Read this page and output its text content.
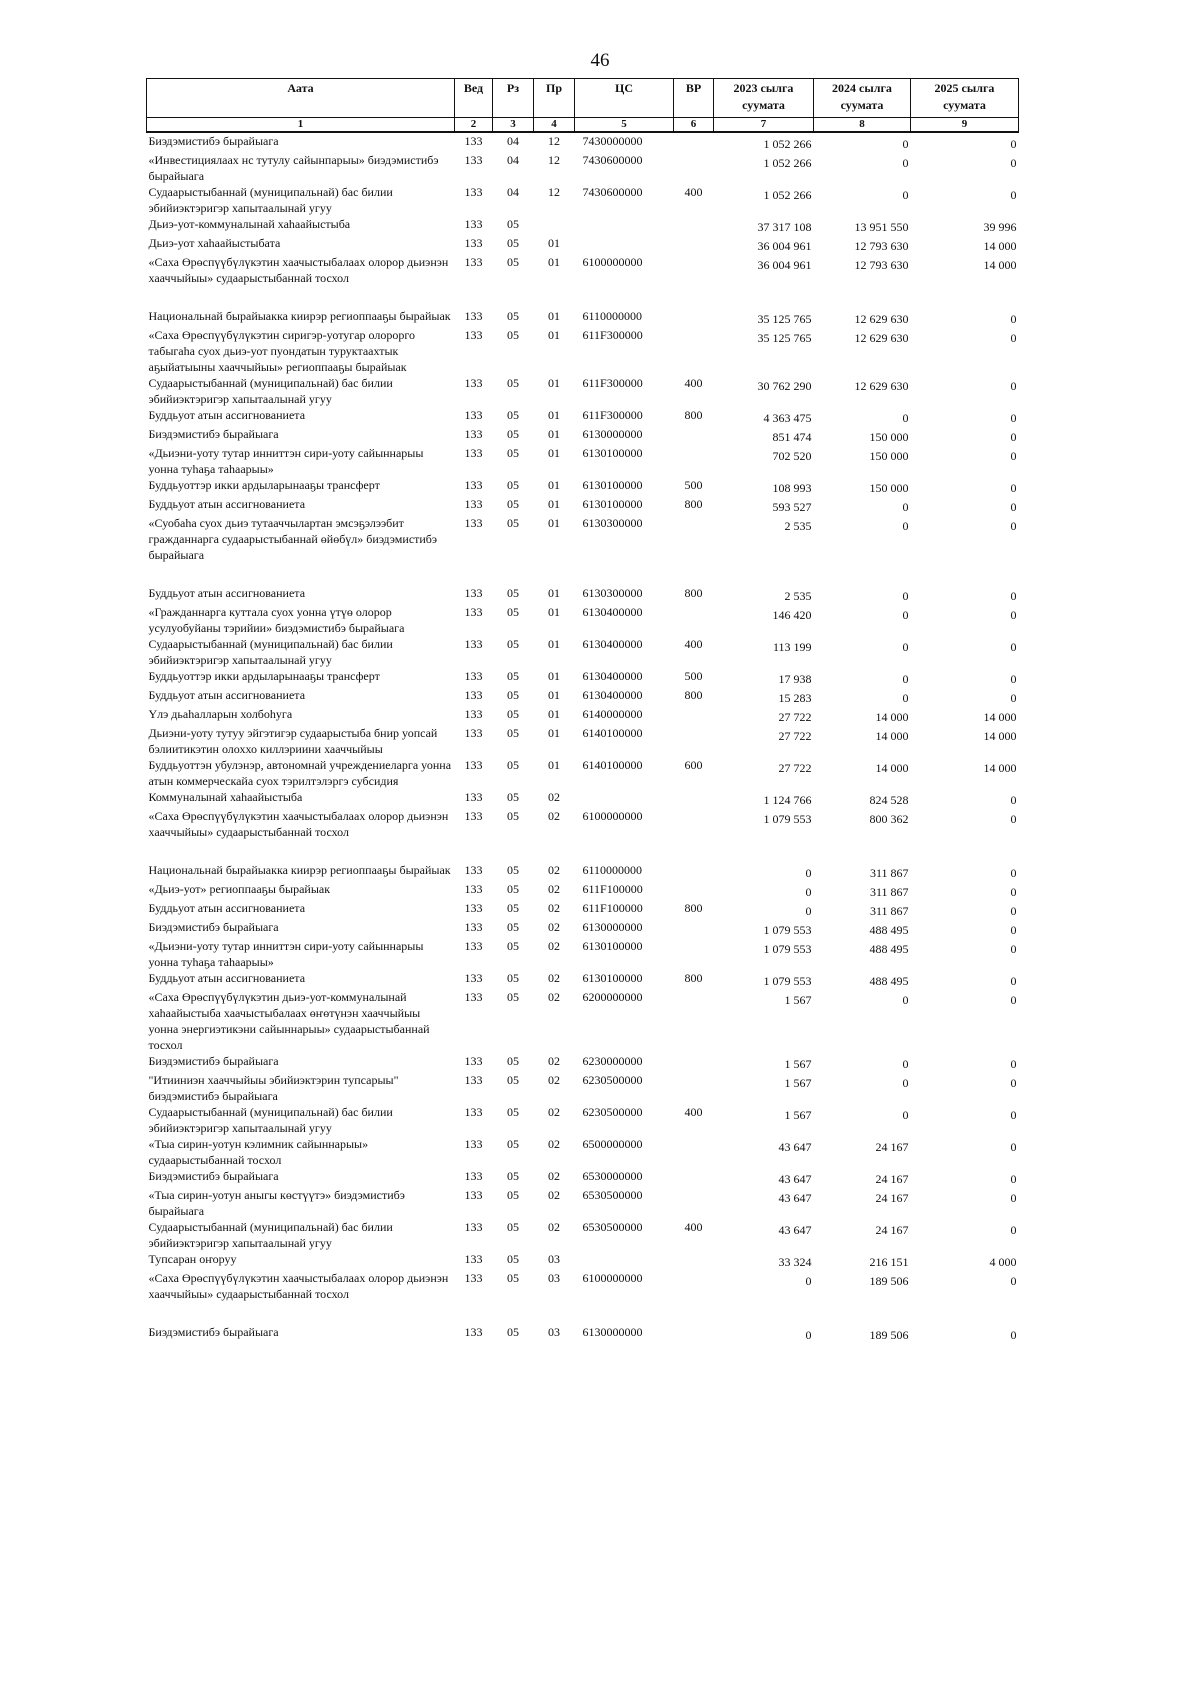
46
Аата	Вед	Рз	Пр	ЦС	ВР	2023 сылга суумата	2024 сылга суумата	2025 сылга суумата
1	2	3	4	5	6	7	8	9
Биэдэмистибэ бырайыага	133	04	12	7430000000		1 052 266	0	0
«Инвестициялаах нс тутулу сайынпарыы» биэдэмистибэ бырайыага	133	04	12	7430600000		1 052 266	0	0
Судаарыстыбаннай (муниципальнай) бас билии эбийиэктэригэр хапытаалынай угуу	133	04	12	7430600000	400	1 052 266	0	0
Дьиэ-уот-коммуналынай хаhаайыстыба	133	05				37 317 108	13 951 550	39 996
Дьиэ-уот хаhаайыстыбата	133	05	01			36 004 961	12 793 630	14 000
«Саха Өрөспүүбүлүкэтин хаачыстыбалаах олорор дьиэнэн хааччыйыы» судаарыстыбаннай тосхол	133	05	01	6100000000		36 004 961	12 793 630	14 000
Национальнай бырайыакка киирэр региоппааҕы бырайыак	133	05	01	6110000000		35 125 765	12 629 630	0
«Саха Өрөспүүбүлүкэтин сиригэр-уотугар олорорго табыгаһа суох дьиэ-уот пуондатын туруктаахтык аҕыйатыыны хааччыйыы» региоппааҕы бырайыак	133	05	01	611F300000		35 125 765	12 629 630	0
Судаарыстыбаннай (муниципальнай) бас билии эбийиэктэригэр хапытаалынай угуу	133	05	01	611F300000	400	30 762 290	12 629 630	0
Буддьуот атын ассигнованиета	133	05	01	611F300000	800	4 363 475	0	0
Биэдэмистибэ бырайыага	133	05	01	6130000000		851 474	150 000	0
«Дьиэни-уоту тутар инниттэн сири-уоту сайыннарыы уонна туhаҕа таhаарыы»	133	05	01	6130100000		702 520	150 000	0
Буддьуоттэр икки ардыларынааҕы трансферт	133	05	01	6130100000	500	108 993	150 000	0
Буддьуот атын ассигнованиета	133	05	01	6130100000	800	593 527	0	0
«Суобаhа суох дьиэ тутааччылартан эмсэҕэлээбит гражданнарга судаарыстыбаннай өйөбүл» биэдэмистибэ бырайыага	133	05	01	6130300000		2 535	0	0
Буддьуот атын ассигнованиета	133	05	01	6130300000	800	2 535	0	0
«Гражданнарга куттала суох уонна үтүө олорор усулуобуйаны тэрийии» биэдэмистибэ бырайыага	133	05	01	6130400000		146 420	0	0
Судаарыстыбаннай (муниципальнай) бас билии эбийиэктэригэр хапытаалынай угуу	133	05	01	6130400000	400	113 199	0	0
Буддьуоттэр икки ардыларынааҕы трансферт	133	05	01	6130400000	500	17 938	0	0
Буддьуот атын ассигнованиета	133	05	01	6130400000	800	15 283	0	0
Үлэ дьаhалларын холбоhуга	133	05	01	6140000000		27 722	14 000	14 000
Дьиэни-уоту тутуу эйгэтигэр судаарыстыба бнир уопсай бэлиитикэтин олоххо киллэриини хааччыйыы	133	05	01	6140100000		27 722	14 000	14 000
Буддьуоттэн убулэнэр, автономнай учреждениеларга уонна атын коммерческайа суох тэрилтэлэргэ субсидия	133	05	01	6140100000	600	27 722	14 000	14 000
Коммуналынай хаhаайыстыба	133	05	02			1 124 766	824 528	0
«Саха Өрөспүүбүлүкэтин хаачыстыбалаах олорор дьиэнэн хааччыйыы» судаарыстыбаннай тосхол	133	05	02	6100000000		1 079 553	800 362	0
Национальнай бырайыакка киирэр региоппааҕы бырайыак	133	05	02	6110000000		0	311 867	0
«Дьиэ-уот» региоппааҕы бырайыак	133	05	02	611F100000		0	311 867	0
Буддьуот атын ассигнованиета	133	05	02	611F100000	800	0	311 867	0
Биэдэмистибэ бырайыага	133	05	02	6130000000		1 079 553	488 495	0
«Дьиэни-уоту тутар инниттэн сири-уоту сайыннарыы уонна туhаҕа таhаарыы»	133	05	02	6130100000		1 079 553	488 495	0
Буддьуот атын ассигнованиета	133	05	02	6130100000	800	1 079 553	488 495	0
«Саха Өрөспүүбүлүкэтин дьиэ-уот-коммуналынай хаhаайыстыба хаачыстыбалаах өҥөтүнэн хааччыйыы уонна энергиэтикэни сайыннарыы» судаарыстыбаннай тосхол	133	05	02	6200000000		1 567	0	0
Биэдэмистибэ бырайыага	133	05	02	6230000000		1 567	0	0
"Итииниэн хааччыйыы эбийиэктэрин тупсарыы" биэдэмистибэ бырайыага	133	05	02	6230500000		1 567	0	0
Судаарыстыбаннай (муниципальнай) бас билии эбийиэктэригэр хапытаалынай угуу	133	05	02	6230500000	400	1 567	0	0
«Тыа сирин-уотун кэлимник сайыннарыы» судаарыстыбаннай тосхол	133	05	02	6500000000		43 647	24 167	0
Биэдэмистибэ бырайыага	133	05	02	6530000000		43 647	24 167	0
«Тыа сирин-уотун аныгы көстүүтэ» биэдэмистибэ бырайыага	133	05	02	6530500000		43 647	24 167	0
Судаарыстыбаннай (муниципальнай) бас билии эбийиэктэригэр хапытаалынай угуу	133	05	02	6530500000	400	43 647	24 167	0
Тупсаран оҥоруу	133	05	03			33 324	216 151	4 000
«Саха Өрөспүүбүлүкэтин хаачыстыбалаах олорор дьиэнэн хааччыйыы» судаарыстыбаннай тосхол	133	05	03	6100000000		0	189 506	0
Биэдэмистибэ бырайыага	133	05	03	6130000000		0	189 506	0
